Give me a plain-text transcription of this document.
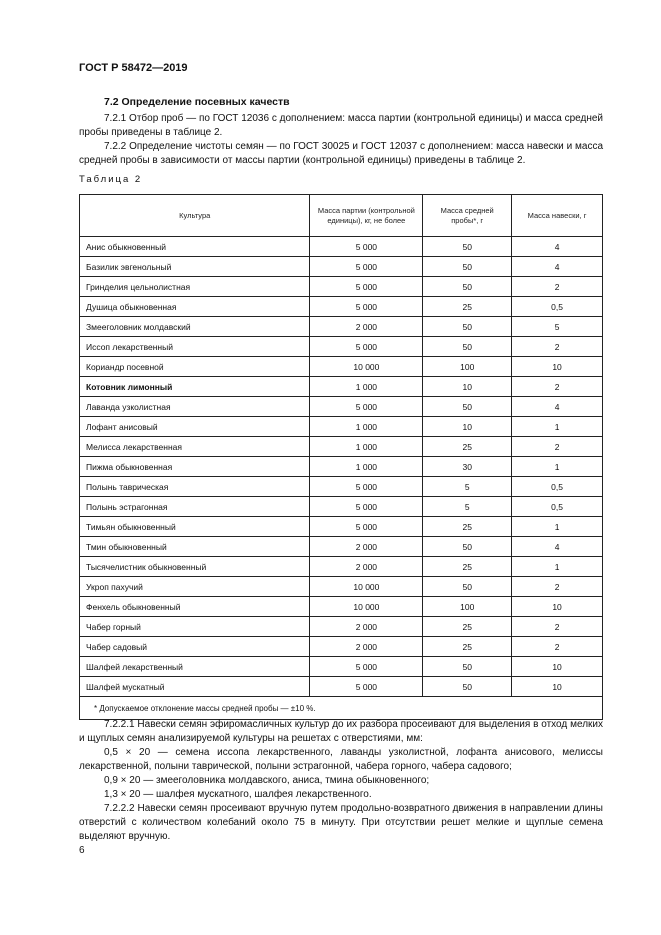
ГОСТ Р 58472—2019
7.2 Определение посевных качеств

7.2.1 Отбор проб — по ГОСТ 12036 с дополнением: масса партии (контрольной единицы) и масса средней пробы приведены в таблице 2.

7.2.2 Определение чистоты семян — по ГОСТ 30025 и ГОСТ 12037 с дополнением: масса навески и масса средней пробы в зависимости от массы партии (контрольной единицы) приведены в таблице 2.

Таблица 2
Культура	Масса партии (контрольной единицы), кг, не более	Масса средней пробы*, г	Масса навески, г
Анис обыкновенный	5 000	50	4
Базилик эвгенольный	5 000	50	4
Гринделия цельнолистная	5 000	50	2
Душица обыкновенная	5 000	25	0,5
Змееголовник молдавский	2 000	50	5
Иссоп лекарственный	5 000	50	2
Кориандр посевной	10 000	100	10
Котовник лимонный	1 000	10	2
Лаванда узколистная	5 000	50	4
Лофант анисовый	1 000	10	1
Мелисса лекарственная	1 000	25	2
Пижма обыкновенная	1 000	30	1
Полынь таврическая	5 000	5	0,5
Полынь эстрагонная	5 000	5	0,5
Тимьян обыкновенный	5 000	25	1
Тмин обыкновенный	2 000	50	4
Тысячелистник обыкновенный	2 000	25	1
Укроп пахучий	10 000	50	2
Фенхель обыкновенный	10 000	100	10
Чабер горный	2 000	25	2
Чабер садовый	2 000	25	2
Шалфей лекарственный	5 000	50	10
Шалфей мускатный	5 000	50	10
* Допускаемое отклонение массы средней пробы — ±10 %.			

7.2.2.1 Навески семян эфиромасличных культур до их разбора просеивают для выделения в отход мелких и щуплых семян анализируемой культуры на решетах с отверстиями, мм:

0,5 × 20 — семена иссопа лекарственного, лаванды узколистной, лофанта анисового, мелиссы лекарственной, полыни таврической, полыни эстрагонной, чабера горного, чабера садового;

0,9 × 20 — змееголовника молдавского, аниса, тмина обыкновенного;

1,3 × 20 — шалфея мускатного, шалфея лекарственного.

7.2.2.2 Навески семян просеивают вручную путем продольно-возвратного движения в направлении длины отверстий с количеством колебаний около 75 в минуту. При отсутствии решет мелкие и щуплые семена выделяют вручную.

6
